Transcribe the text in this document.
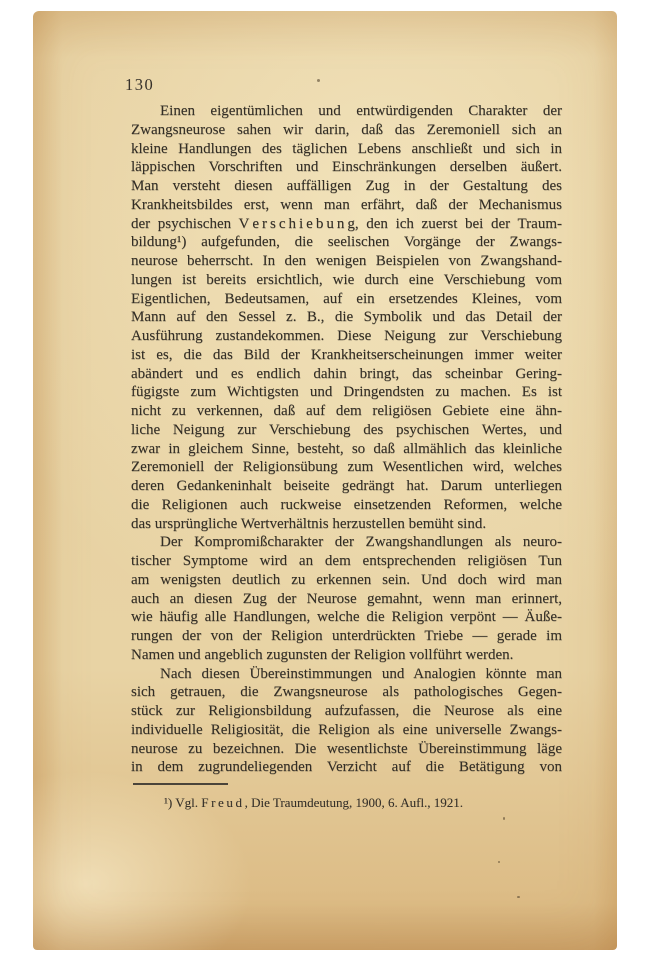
130
Einen eigentümlichen und entwürdigenden Charakter der
Zwangsneurose sahen wir darin, daß das Zeremoniell sich an
kleine Handlungen des täglichen Lebens anschließt und sich in
läppischen Vorschriften und Einschränkungen derselben äußert.
Man versteht diesen auffälligen Zug in der Gestaltung des
Krankheitsbildes erst, wenn man erfährt, daß der Mechanismus
der psychischen V e r s c h i e b u n g, den ich zuerst bei der Traum-
bildung¹) aufgefunden, die seelischen Vorgänge der Zwangs-
neurose beherrscht. In den wenigen Beispielen von Zwangshand-
lungen ist bereits ersichtlich, wie durch eine Verschiebung vom
Eigentlichen, Bedeutsamen, auf ein ersetzendes Kleines, vom
Mann auf den Sessel z. B., die Symbolik und das Detail der
Ausführung zustandekommen. Diese Neigung zur Verschiebung
ist es, die das Bild der Krankheitserscheinungen immer weiter
abändert und es endlich dahin bringt, das scheinbar Gering-
fügigste zum Wichtigsten und Dringendsten zu machen. Es ist
nicht zu verkennen, daß auf dem religiösen Gebiete eine ähn-
liche Neigung zur Verschiebung des psychischen Wertes, und
zwar in gleichem Sinne, besteht, so daß allmählich das kleinliche
Zeremoniell der Religionsübung zum Wesentlichen wird, welches
deren Gedankeninhalt beiseite gedrängt hat. Darum unterliegen
die Religionen auch ruckweise einsetzenden Reformen, welche
das ursprüngliche Wertverhältnis herzustellen bemüht sind.
Der Kompromißcharakter der Zwangshandlungen als neuro-
tischer Symptome wird an dem entsprechenden religiösen Tun
am wenigsten deutlich zu erkennen sein. Und doch wird man
auch an diesen Zug der Neurose gemahnt, wenn man erinnert,
wie häufig alle Handlungen, welche die Religion verpönt — Äuße-
rungen der von der Religion unterdrückten Triebe — gerade im
Namen und angeblich zugunsten der Religion vollführt werden.
Nach diesen Übereinstimmungen und Analogien könnte man
sich getrauen, die Zwangsneurose als pathologisches Gegen-
stück zur Religionsbildung aufzufassen, die Neurose als eine
individuelle Religiosität, die Religion als eine universelle Zwangs-
neurose zu bezeichnen. Die wesentlichste Übereinstimmung läge
in dem zugrundeliegenden Verzicht auf die Betätigung von
¹) Vgl. F r e u d , Die Traumdeutung, 1900, 6. Aufl., 1921.
